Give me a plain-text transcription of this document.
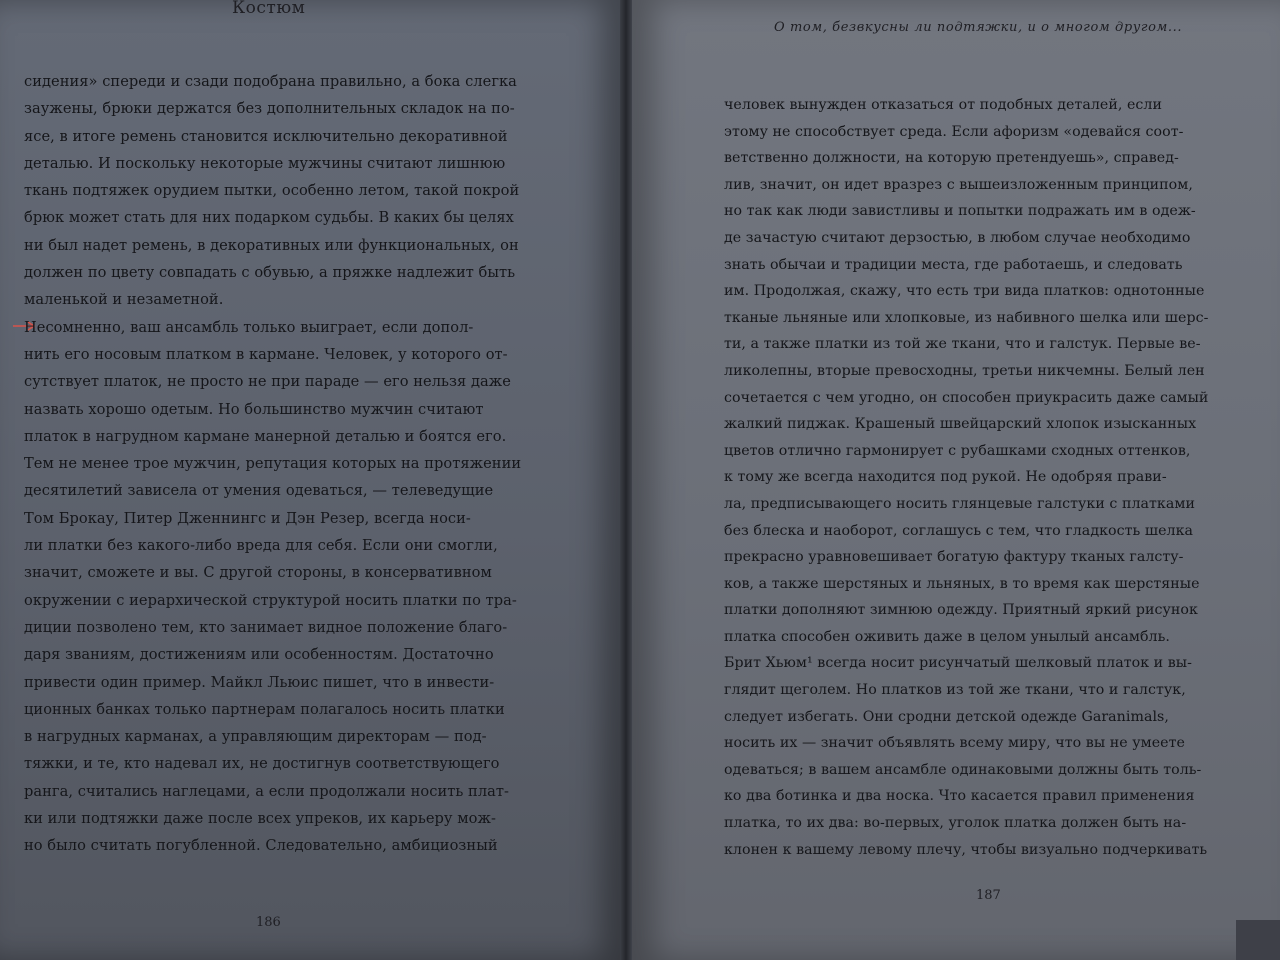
Костюм
сидения» спереди и сзади подобрана правильно, а бока слегка
заужены, брюки держатся без дополнительных складок на по-
ясе, в итоге ремень становится исключительно декоративной
деталью. И поскольку некоторые мужчины считают лишнюю
ткань подтяжек орудием пытки, особенно летом, такой покрой
брюк может стать для них подарком судьбы. В каких бы целях
ни был надет ремень, в декоративных или функциональных, он
должен по цвету совпадать с обувью, а пряжке надлежит быть
маленькой и незаметной.
Несомненно, ваш ансамбль только выиграет, если допол-
нить его носовым платком в кармане. Человек, у которого от-
сутствует платок, не просто не при параде — его нельзя даже
назвать хорошо одетым. Но большинство мужчин считают
платок в нагрудном кармане манерной деталью и боятся его.
Тем не менее трое мужчин, репутация которых на протяжении
десятилетий зависела от умения одеваться, — телеведущие
Том Брокау, Питер Дженнингс и Дэн Резер, всегда носи-
ли платки без какого-либо вреда для себя. Если они смогли,
значит, сможете и вы. С другой стороны, в консервативном
окружении с иерархической структурой носить платки по тра-
диции позволено тем, кто занимает видное положение благо-
даря званиям, достижениям или особенностям. Достаточно
привести один пример. Майкл Льюис пишет, что в инвести-
ционных банках только партнерам полагалось носить платки
в нагрудных карманах, а управляющим директорам — под-
тяжки, и те, кто надевал их, не достигнув соответствующего
ранга, считались наглецами, а если продолжали носить плат-
ки или подтяжки даже после всех упреков, их карьеру мож-
но было считать погубленной. Следовательно, амбициозный
186
О том, безвкусны ли подтяжки, и о многом другом...
человек вынужден отказаться от подобных деталей, если
этому не способствует среда. Если афоризм «одевайся соот-
ветственно должности, на которую претендуешь», справед-
лив, значит, он идет вразрез с вышеизложенным принципом,
но так как люди завистливы и попытки подражать им в одеж-
де зачастую считают дерзостью, в любом случае необходимо
знать обычаи и традиции места, где работаешь, и следовать
им. Продолжая, скажу, что есть три вида платков: однотонные
тканые льняные или хлопковые, из набивного шелка или шерс-
ти, а также платки из той же ткани, что и галстук. Первые ве-
ликолепны, вторые превосходны, третьи никчемны. Белый лен
сочетается с чем угодно, он способен приукрасить даже самый
жалкий пиджак. Крашеный швейцарский хлопок изысканных
цветов отлично гармонирует с рубашками сходных оттенков,
к тому же всегда находится под рукой. Не одобряя прави-
ла, предписывающего носить глянцевые галстуки с платками
без блеска и наоборот, соглашусь с тем, что гладкость шелка
прекрасно уравновешивает богатую фактуру тканых галсту-
ков, а также шерстяных и льняных, в то время как шерстяные
платки дополняют зимнюю одежду. Приятный яркий рисунок
платка способен оживить даже в целом унылый ансамбль.
Брит Хьюм¹ всегда носит рисунчатый шелковый платок и вы-
глядит щеголем. Но платков из той же ткани, что и галстук,
следует избегать. Они сродни детской одежде Garanimals,
носить их — значит объявлять всему миру, что вы не умеете
одеваться; в вашем ансамбле одинаковыми должны быть толь-
ко два ботинка и два носка. Что касается правил применения
платка, то их два: во-первых, уголок платка должен быть на-
клонен к вашему левому плечу, чтобы визуально подчеркивать
187
